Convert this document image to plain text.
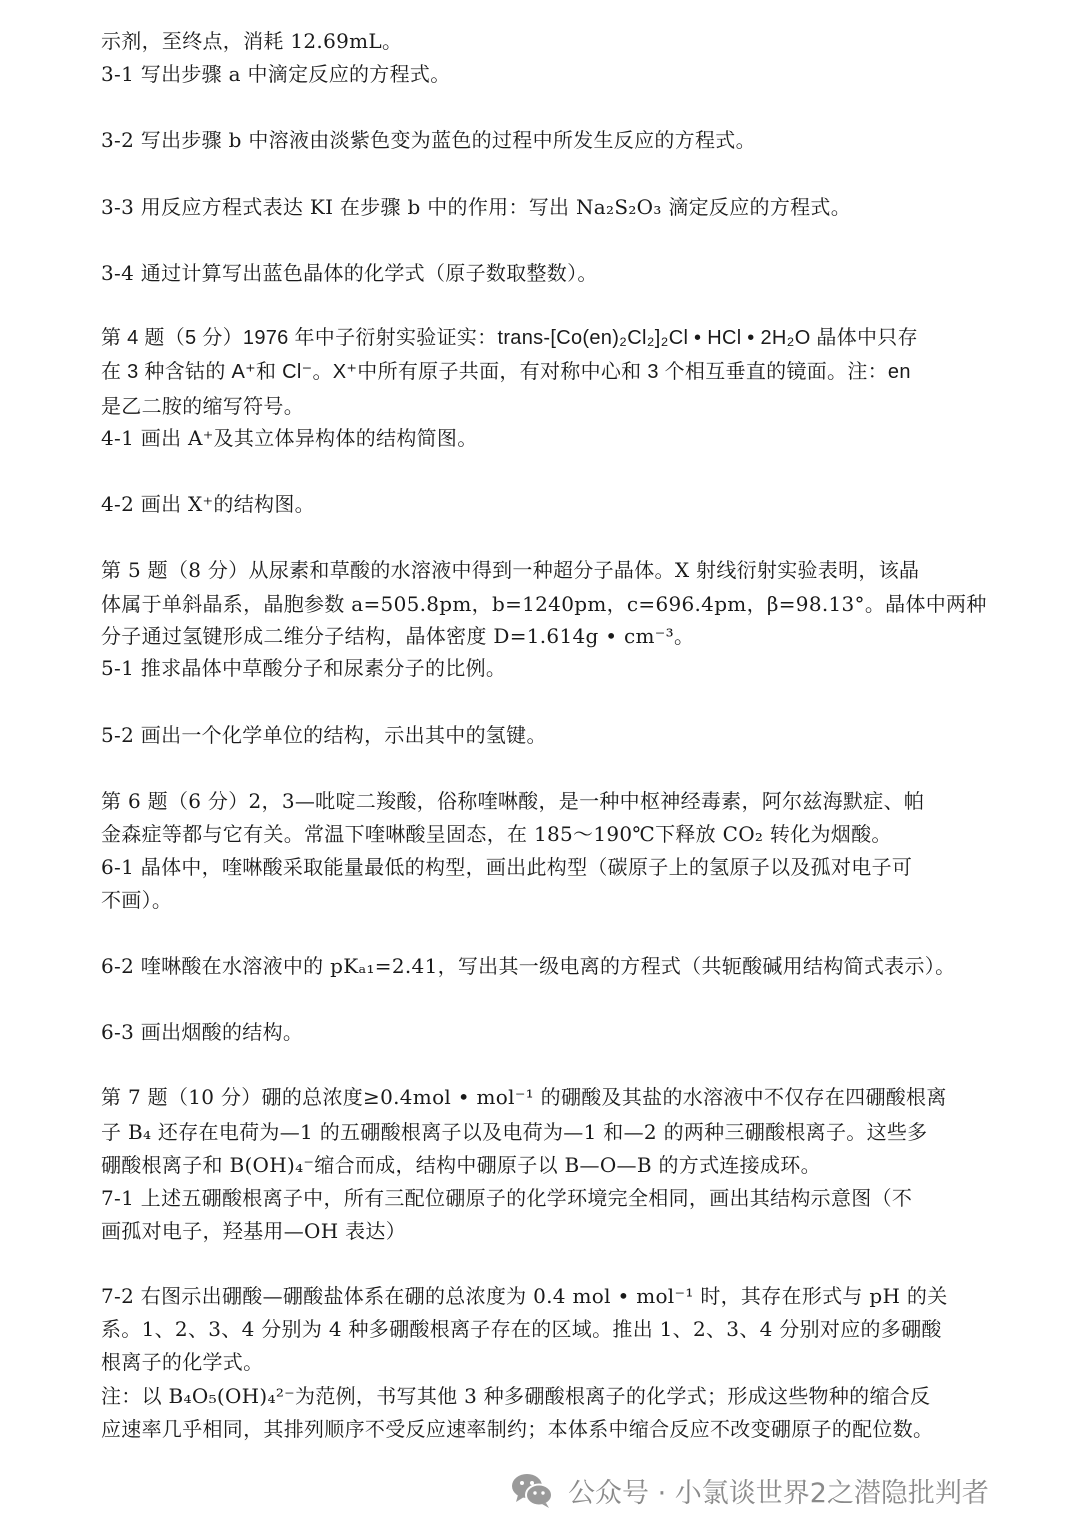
示剂，至终点，消耗 12.69mL。
3-1 写出步骤 a 中滴定反应的方程式。
3-2 写出步骤 b 中溶液由淡紫色变为蓝色的过程中所发生反应的方程式。
3-3 用反应方程式表达 KI 在步骤 b 中的作用：写出 Na₂S₂O₃ 滴定反应的方程式。
3-4 通过计算写出蓝色晶体的化学式（原子数取整数）。
第 4 题（5 分）1976 年中子衍射实验证实：trans-[Co(en)₂Cl₂]₂Cl • HCl • 2H₂O 晶体中只存
在 3 种含钴的 A⁺和 Cl⁻。X⁺中所有原子共面，有对称中心和 3 个相互垂直的镜面。注：en
是乙二胺的缩写符号。
4-1 画出 A⁺及其立体异构体的结构简图。
4-2 画出 X⁺的结构图。
第 5 题（8 分）从尿素和草酸的水溶液中得到一种超分子晶体。X 射线衍射实验表明，该晶
体属于单斜晶系，晶胞参数 a=505.8pm，b=1240pm，c=696.4pm，β=98.13°。晶体中两种
分子通过氢键形成二维分子结构，晶体密度 D=1.614g • cm⁻³。
5-1 推求晶体中草酸分子和尿素分子的比例。
5-2 画出一个化学单位的结构，示出其中的氢键。
第 6 题（6 分）2，3—吡啶二羧酸，俗称喹啉酸，是一种中枢神经毒素，阿尔兹海默症、帕
金森症等都与它有关。常温下喹啉酸呈固态，在 185～190℃下释放 CO₂ 转化为烟酸。
6-1 晶体中，喹啉酸采取能量最低的构型，画出此构型（碳原子上的氢原子以及孤对电子可
不画）。
6-2 喹啉酸在水溶液中的 pKₐ₁=2.41，写出其一级电离的方程式（共轭酸碱用结构简式表示）。
6-3 画出烟酸的结构。
第 7 题（10 分）硼的总浓度≥0.4mol • mol⁻¹ 的硼酸及其盐的水溶液中不仅存在四硼酸根离
子 B₄ 还存在电荷为—1 的五硼酸根离子以及电荷为—1 和—2 的两种三硼酸根离子。这些多
硼酸根离子和 B(OH)₄⁻缩合而成，结构中硼原子以 B—O—B 的方式连接成环。
7-1 上述五硼酸根离子中，所有三配位硼原子的化学环境完全相同，画出其结构示意图（不
画孤对电子，羟基用—OH 表达）
7-2 右图示出硼酸—硼酸盐体系在硼的总浓度为 0.4 mol • mol⁻¹ 时，其存在形式与 pH 的关
系。1、2、3、4 分别为 4 种多硼酸根离子存在的区域。推出 1、2、3、4 分别对应的多硼酸
根离子的化学式。
注：以 B₄O₅(OH)₄²⁻为范例，书写其他 3 种多硼酸根离子的化学式；形成这些物种的缩合反
应速率几乎相同，其排列顺序不受反应速率制约；本体系中缩合反应不改变硼原子的配位数。
公众号 · 小氯谈世界2之潜隐批判者
